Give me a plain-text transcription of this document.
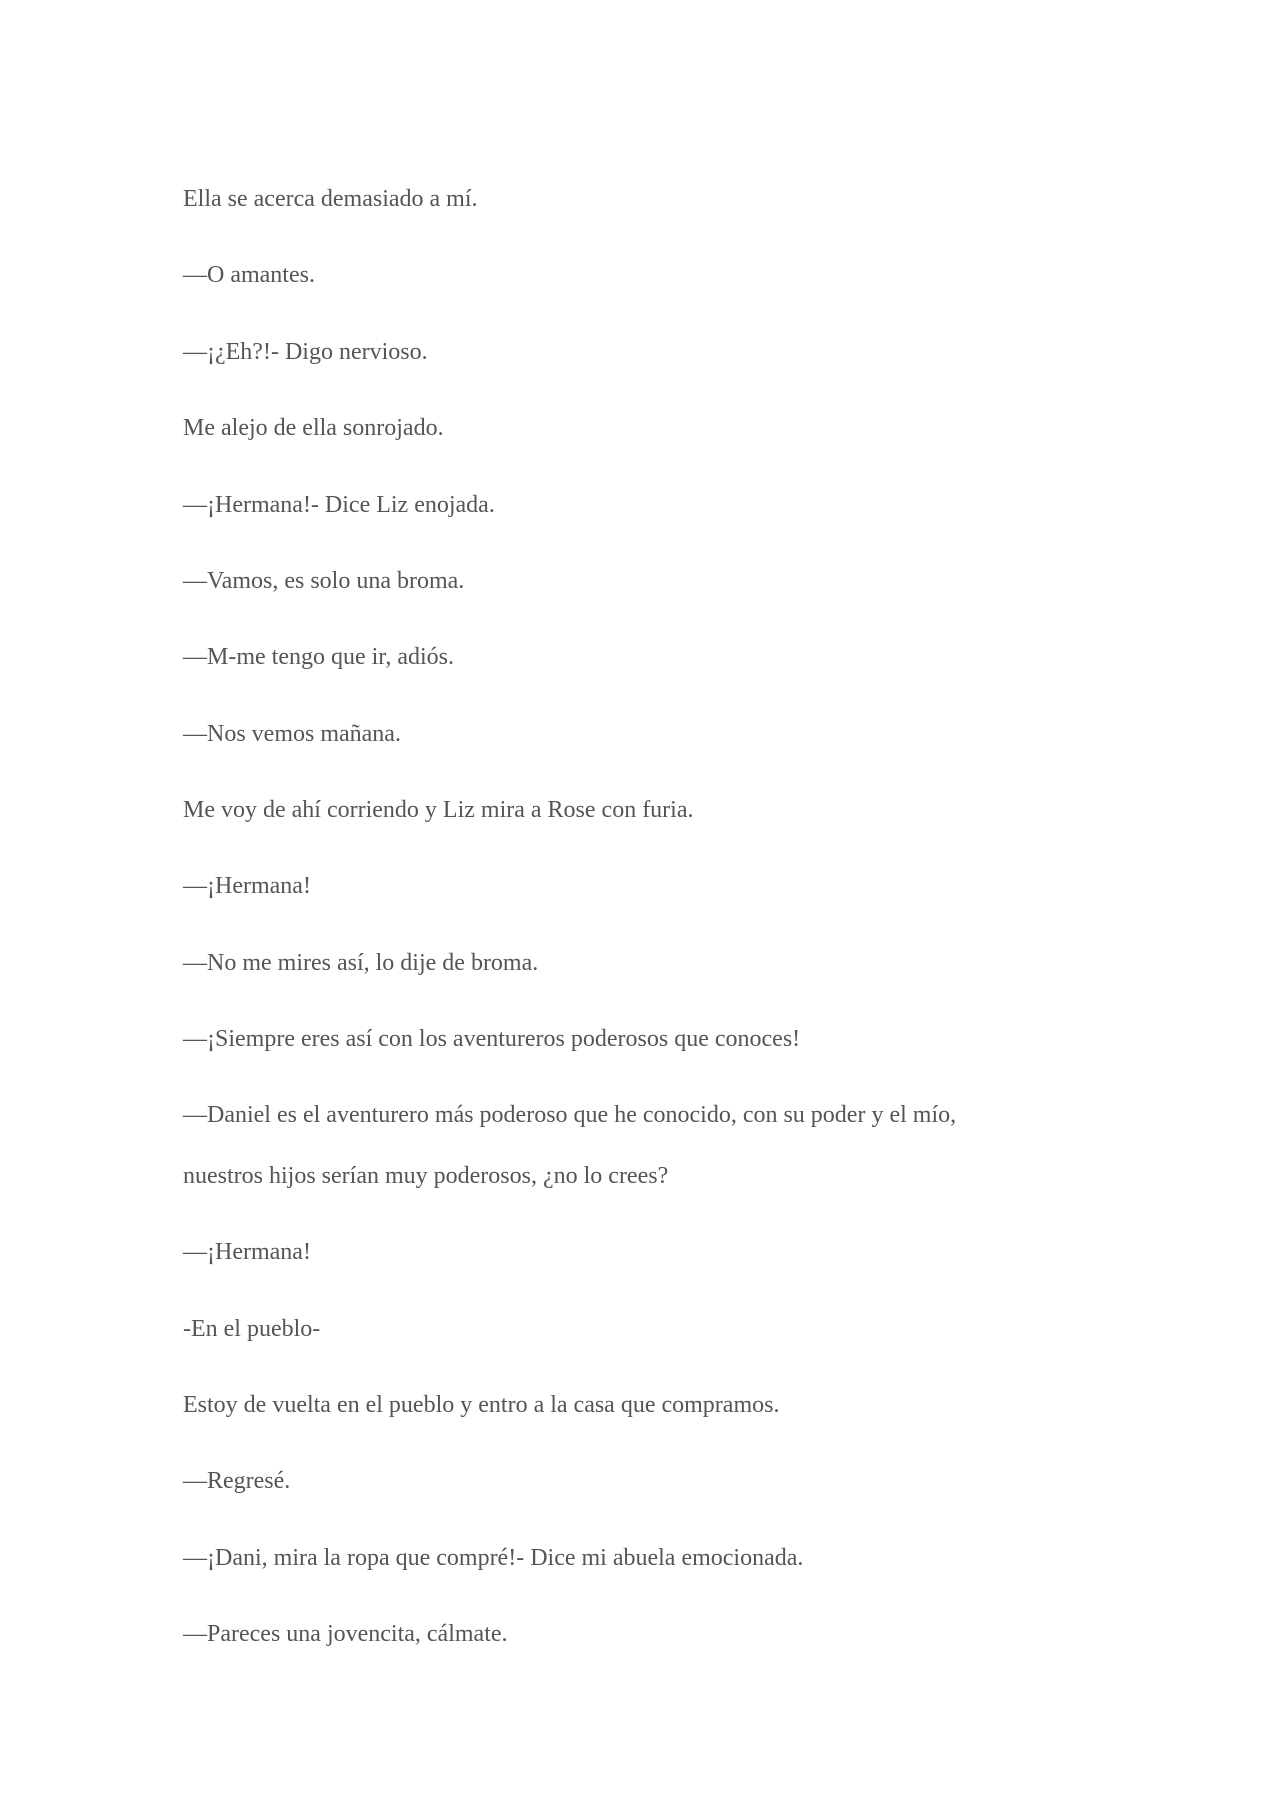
Ella se acerca demasiado a mí.
—O amantes.
—¡¿Eh?!- Digo nervioso.
Me alejo de ella sonrojado.
—¡Hermana!- Dice Liz enojada.
—Vamos, es solo una broma.
—M-me tengo que ir, adiós.
—Nos vemos mañana.
Me voy de ahí corriendo y Liz mira a Rose con furia.
—¡Hermana!
—No me mires así, lo dije de broma.
—¡Siempre eres así con los aventureros poderosos que conoces!
—Daniel es el aventurero más poderoso que he conocido, con su poder y el mío,
nuestros hijos serían muy poderosos, ¿no lo crees?
—¡Hermana!
-En el pueblo-
Estoy de vuelta en el pueblo y entro a la casa que compramos.
—Regresé.
—¡Dani, mira la ropa que compré!- Dice mi abuela emocionada.
—Pareces una jovencita, cálmate.
